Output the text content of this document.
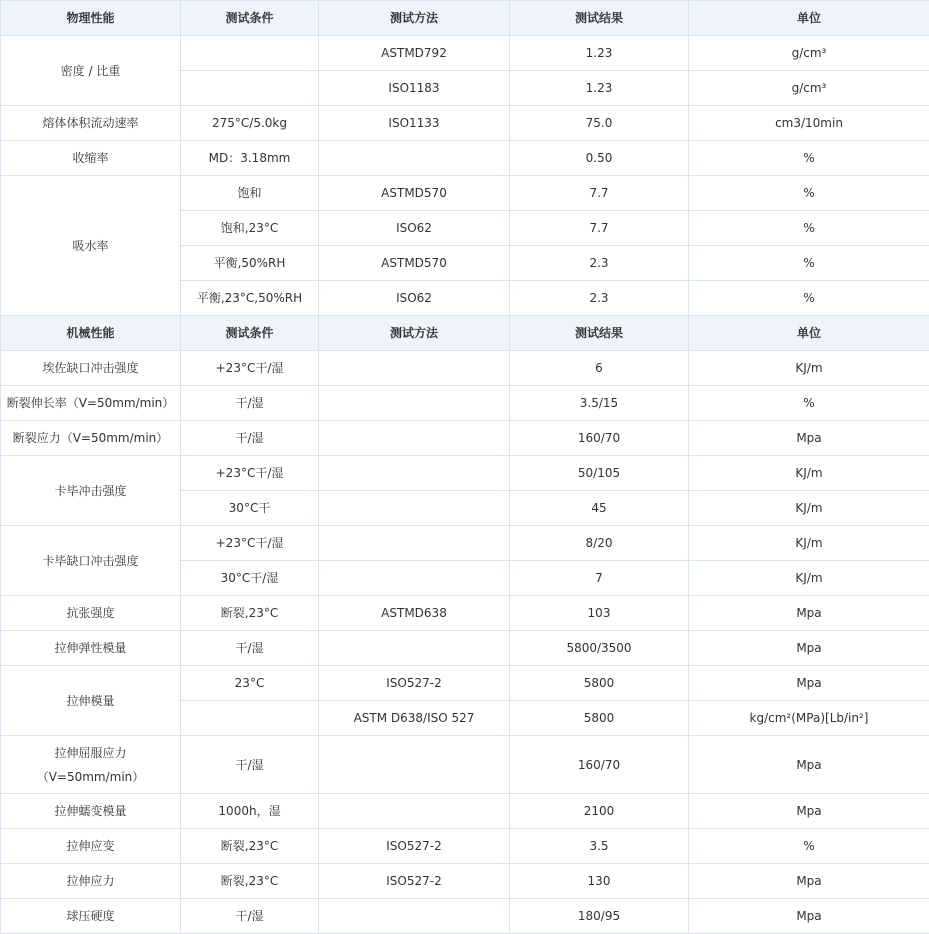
物理性能	测试条件	测试方法	测试结果	单位
密度 / 比重		ASTMD792	1.23	g/cm³
		ISO1183	1.23	g/cm³
熔体体积流动速率	275°C/5.0kg	ISO1133	75.0	cm3/10min
收缩率	MD：3.18mm		0.50	%
吸水率	饱和	ASTMD570	7.7	%
	饱和,23°C	ISO62	7.7	%
	平衡,50%RH	ASTMD570	2.3	%
	平衡,23°C,50%RH	ISO62	2.3	%
机械性能	测试条件	测试方法	测试结果	单位
埃佐缺口冲击强度	+23°C干/湿		6	KJ/m
断裂伸长率（V=50mm/min）	干/湿		3.5/15	%
断裂应力（V=50mm/min）	干/湿		160/70	Mpa
卡毕冲击强度	+23°C干/湿		50/105	KJ/m
	30°C干		45	KJ/m
卡毕缺口冲击强度	+23°C干/湿		8/20	KJ/m
	30°C干/湿		7	KJ/m
抗张强度	断裂,23°C	ASTMD638	103	Mpa
拉伸弹性模量	干/湿		5800/3500	Mpa
拉伸模量	23°C	ISO527-2	5800	Mpa
		ASTM D638/ISO 527	5800	kg/cm²(MPa)[Lb/in²]

拉伸屈服应力
（V=50mm/min）	干/湿		160/70	Mpa
拉伸蠕变模量	1000h，湿		2100	Mpa
拉伸应变	断裂,23°C	ISO527-2	3.5	%
拉伸应力	断裂,23°C	ISO527-2	130	Mpa
球压硬度	干/湿		180/95	Mpa
